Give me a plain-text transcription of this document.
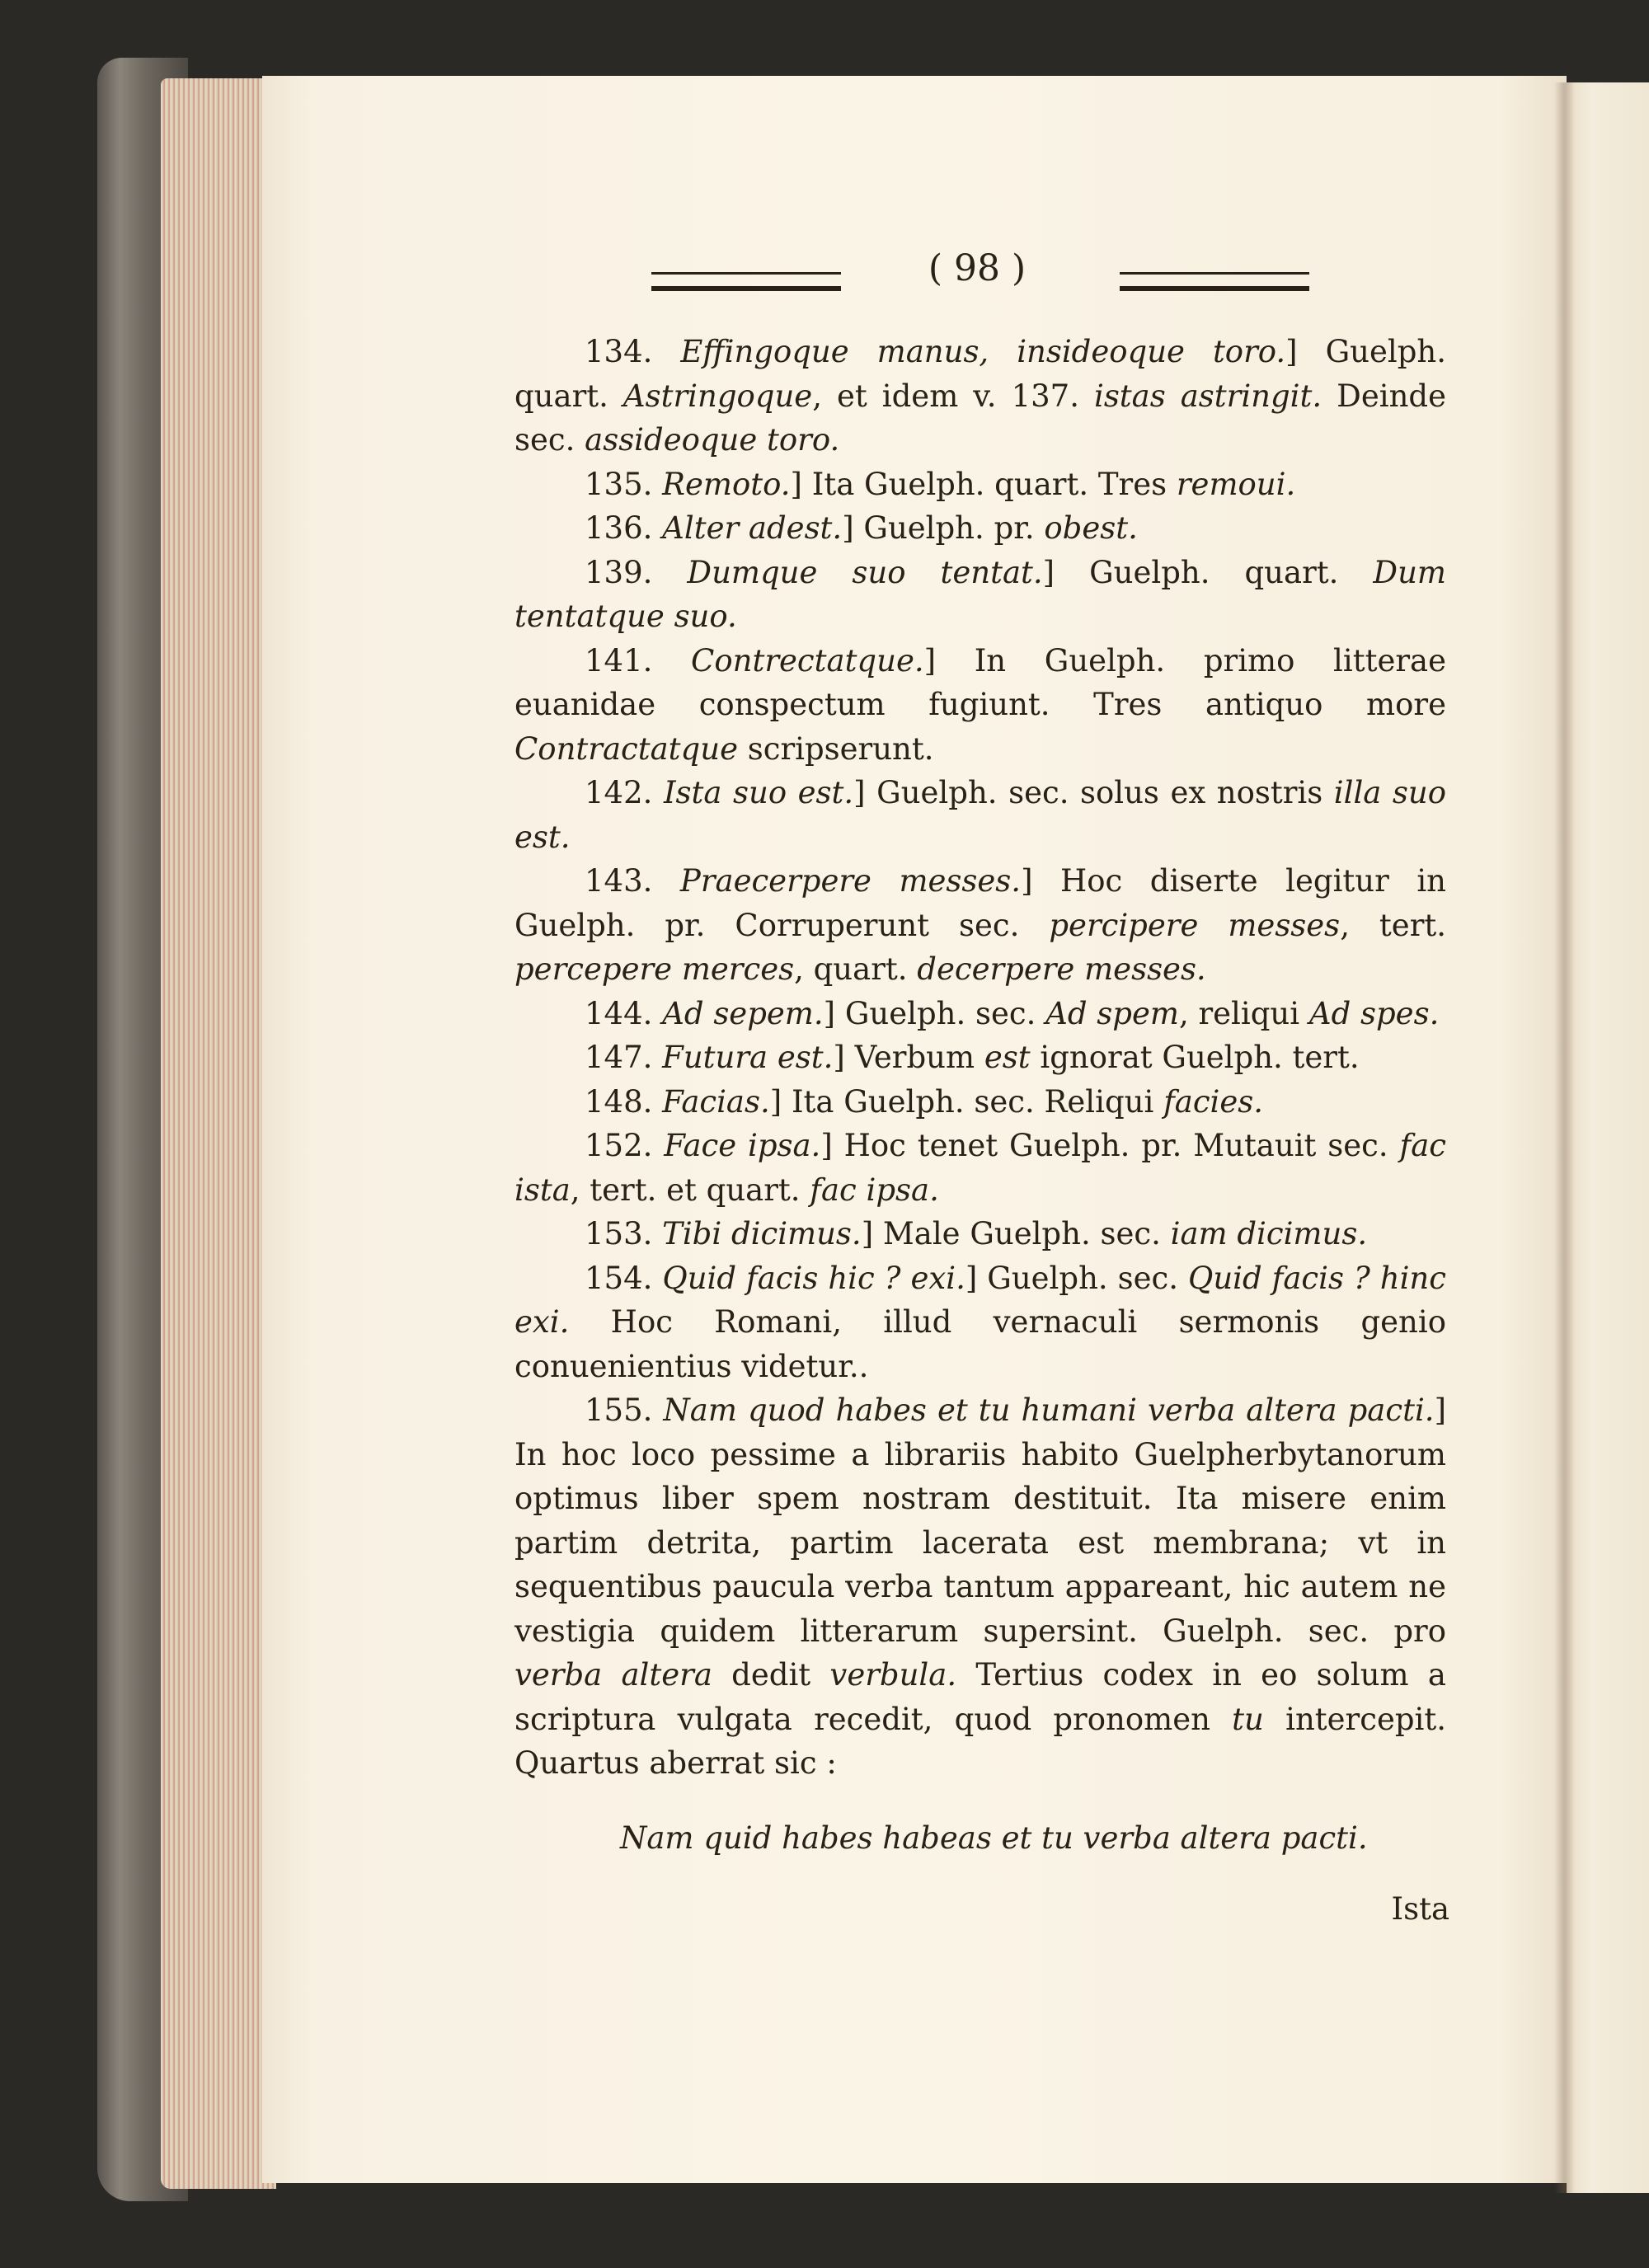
( 98 )

134. Effingoque manus, insideoque toro.] Guelph. quart. Astringoque, et idem v. 137. istas astringit. Deinde sec. assideoque toro.

135. Remoto.] Ita Guelph. quart. Tres remoui.

136. Alter adest.] Guelph. pr. obest.

139. Dumque suo tentat.] Guelph. quart. Dum tentatque suo.

141. Contrectatque.] In Guelph. primo litterae euanidae conspectum fugiunt. Tres antiquo more Contractatque scripserunt.

142. Ista suo est.] Guelph. sec. solus ex nostris illa suo est.

143. Praecerpere messes.] Hoc diserte legitur in Guelph. pr. Corruperunt sec. percipere messes, tert. percepere merces, quart. decerpere messes.

144. Ad sepem.] Guelph. sec. Ad spem, reliqui Ad spes.

147. Futura est.] Verbum est ignorat Guelph. tert.

148. Facias.] Ita Guelph. sec. Reliqui facies.

152. Face ipsa.] Hoc tenet Guelph. pr. Mutauit sec. fac ista, tert. et quart. fac ipsa.

153. Tibi dicimus.] Male Guelph. sec. iam dicimus.

154. Quid facis hic ? exi.] Guelph. sec. Quid facis ? hinc exi. Hoc Romani, illud vernaculi sermonis genio conuenientius videtur..

155. Nam quod habes et tu humani verba altera pacti.] In hoc loco pessime a librariis habito Guelpherbytanorum optimus liber spem nostram destituit. Ita misere enim partim detrita, partim lacerata est membrana; vt in sequentibus paucula verba tantum appareant, hic autem ne vestigia quidem litterarum supersint. Guelph. sec. pro verba altera dedit verbula. Tertius codex in eo solum a scriptura vulgata recedit, quod pronomen tu intercepit. Quartus aberrat sic :

Nam quid habes habeas et tu verba altera pacti.

Ista
